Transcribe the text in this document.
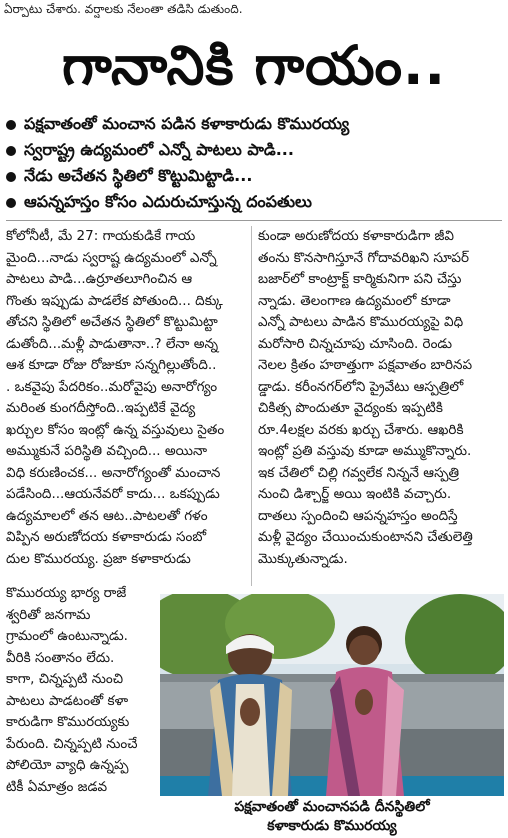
ఏర్పాటు చేశారు. వర్షాలకు నేలంతా తడిసి డుతుంది.
గానానికి గాయం..
పక్షవాతంతో మంచాన పడిన కళాకారుడు కొమురయ్య
స్వరాష్ట్ర ఉద్యమంలో ఎన్నో పాటలు పాడి...
నేడు అచేతన స్థితిలో కొట్టుమిట్టాడి...
ఆపన్నహస్తం కోసం ఎదురుచూస్తున్న దంపతులు
కోలోనీటీ, మే 27: గాయకుడికే గాయ
మైంది...నాడు స్వరాష్ట ఉద్యమంలో ఎన్నో
పాటలు పాడి...ఉర్రూతలూగించిన ఆ
గొంతు ఇప్పుడు పాడలేక పోతుంది... దిక్కు
తోచని స్థితిలో అచేతన స్థితిలో కొట్టుమిట్టా
డుతోంది...మళ్లీ పాడుతానా..? లేనా అన్న
ఆశ కూడా రోజు రోజుకూ సన్నగిల్లుతోంది..
. ఒకవైపు పేదరికం..మరోవైపు అనారోగ్యం
మరింత కుంగదీస్తోంది..ఇప్పటికే వైద్య
ఖర్చుల కోసం ఇంట్లో ఉన్న వస్తువులు సైతం
అమ్ముకునే పరిస్థితి వచ్చింది... అయినా
విధి కరుణించక... అనారోగ్యంతో మంచాన
పడేసింది...ఆయనేవరో కాదు... ఒకప్పుడు
ఉద్యమాలలో తన ఆట..పాటలతో గళం
విప్పిన అరుణోదయ కళాకారుడు సంబో
దుల కొమురయ్య. ప్రజా కళాకారుడు
కుండా అరుణోదయ కళాకారుడిగా జీవి
తంను కొనసాగిస్తూనే గోదావరిఖని సూపర్
బజార్‌లో కాంట్రాక్ట్ కార్మికునిగా పని చేస్తు
న్నాడు. తెలంగాణ ఉద్యమంలో కూడా
ఎన్నో పాటలు పాడిన కొమురయ్యపై విధి
మరోసారి చిన్నచూపు చూసింది. రెండు
నెలల క్రితం హఠాత్తుగా పక్షవాతం బారినప
డ్డాడు. కరీంనగర్‌లోని ప్రైవేటు ఆస్పత్రిలో
చికిత్స పొందుతూ వైద్యంకు ఇప్పటికి
రూ.4లక్షల వరకు ఖర్చు చేశారు. ఆఖరికి
ఇంట్లో ప్రతి వస్తువు కూడా అమ్ముకొన్నారు.
ఇక చేతిలో చిల్లి గవ్వలేక నిన్ననే ఆస్పత్రి
నుంచి డిశ్చార్జ్ అయి ఇంటికి వచ్చారు.
దాతలు స్పందించి ఆపన్నహస్తం అందిస్తే
మళ్లీ వైద్యం చేయించుకుంటానని చేతులెత్తి
మొక్కుతున్నాడు.
కొమురయ్య భార్య రాజే
శ్వరితో జనగామ
గ్రామంలో ఉంటున్నాడు.
వీరికి సంతానం లేదు.
కాగా, చిన్నప్పటి నుంచి
పాటలు పాడటంతో కళా
కారుడిగా కొమురయ్యకు
పేరుంది. చిన్నప్పటి నుంచే
పోలియో వ్యాధి ఉన్నప్ప
టికీ ఏమాత్రం జడవ
పక్షవాతంతో మంచానపడి దీనస్థితిలో
కళాకారుడు కొమురయ్య
